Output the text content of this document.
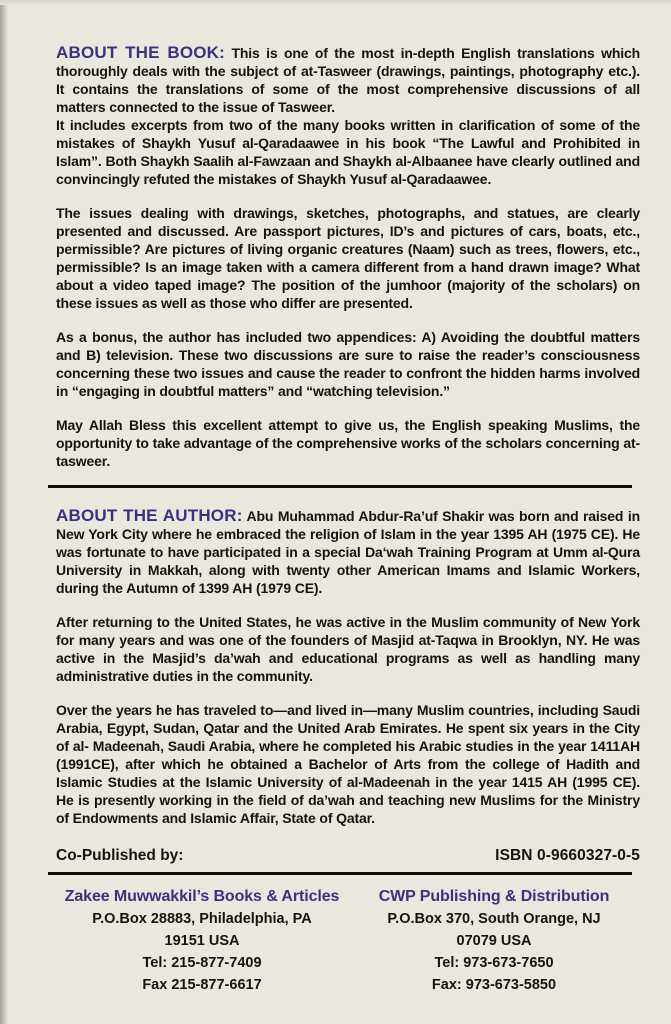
ABOUT THE BOOK: This is one of the most in-depth English translations which thoroughly deals with the subject of at-Tasweer (drawings, paintings, photography etc.). It contains the translations of some of the most comprehensive discussions of all matters connected to the issue of Tasweer.

It includes excerpts from two of the many books written in clarification of some of the mistakes of Shaykh Yusuf al-Qaradaawee in his book “The Lawful and Prohibited in Islam”. Both Shaykh Saalih al-Fawzaan and Shaykh al-Albaanee have clearly outlined and convincingly refuted the mistakes of Shaykh Yusuf al-Qaradaawee.

The issues dealing with drawings, sketches, photographs, and statues, are clearly presented and discussed. Are passport pictures, ID’s and pictures of cars, boats, etc., permissible? Are pictures of living organic creatures (Naam) such as trees, flowers, etc., permissible? Is an image taken with a camera different from a hand drawn image? What about a video taped image? The position of the jumhoor (majority of the scholars) on these issues as well as those who differ are presented.

As a bonus, the author has included two appendices: A) Avoiding the doubtful matters and B) television. These two discussions are sure to raise the reader’s consciousness concerning these two issues and cause the reader to confront the hidden harms involved in “engaging in doubtful matters” and “watching television.”

May Allah Bless this excellent attempt to give us, the English speaking Muslims, the opportunity to take advantage of the comprehensive works of the scholars concerning at-tasweer.

ABOUT THE AUTHOR: Abu Muhammad Abdur-Ra’uf Shakir was born and raised in New York City where he embraced the religion of Islam in the year 1395 AH (1975 CE). He was fortunate to have participated in a special Da‘wah Training Program at Umm al-Qura University in Makkah, along with twenty other American Imams and Islamic Workers, during the Autumn of 1399 AH (1979 CE).

After returning to the United States, he was active in the Muslim community of New York for many years and was one of the founders of Masjid at-Taqwa in Brooklyn, NY. He was active in the Masjid’s da’wah and educational programs as well as handling many administrative duties in the community.

Over the years he has traveled to—and lived in—many Muslim countries, including Saudi Arabia, Egypt, Sudan, Qatar and the United Arab Emirates. He spent six years in the City of al- Madeenah, Saudi Arabia, where he completed his Arabic studies in the year 1411AH (1991CE), after which he obtained a Bachelor of Arts from the college of Hadith and Islamic Studies at the Islamic University of al-Madeenah in the year 1415 AH (1995 CE). He is presently working in the field of da’wah and teaching new Muslims for the Ministry of Endowments and Islamic Affair, State of Qatar.

Co-Published by:	ISBN 0-9660327-0-5
Zakee Muwwakkil’s Books & Articles
P.O.Box 28883, Philadelphia, PA
19151 USA
Tel: 215-877-7409
Fax 215-877-6617
CWP Publishing & Distribution
P.O.Box 370, South Orange, NJ
07079 USA
Tel: 973-673-7650
Fax: 973-673-5850
